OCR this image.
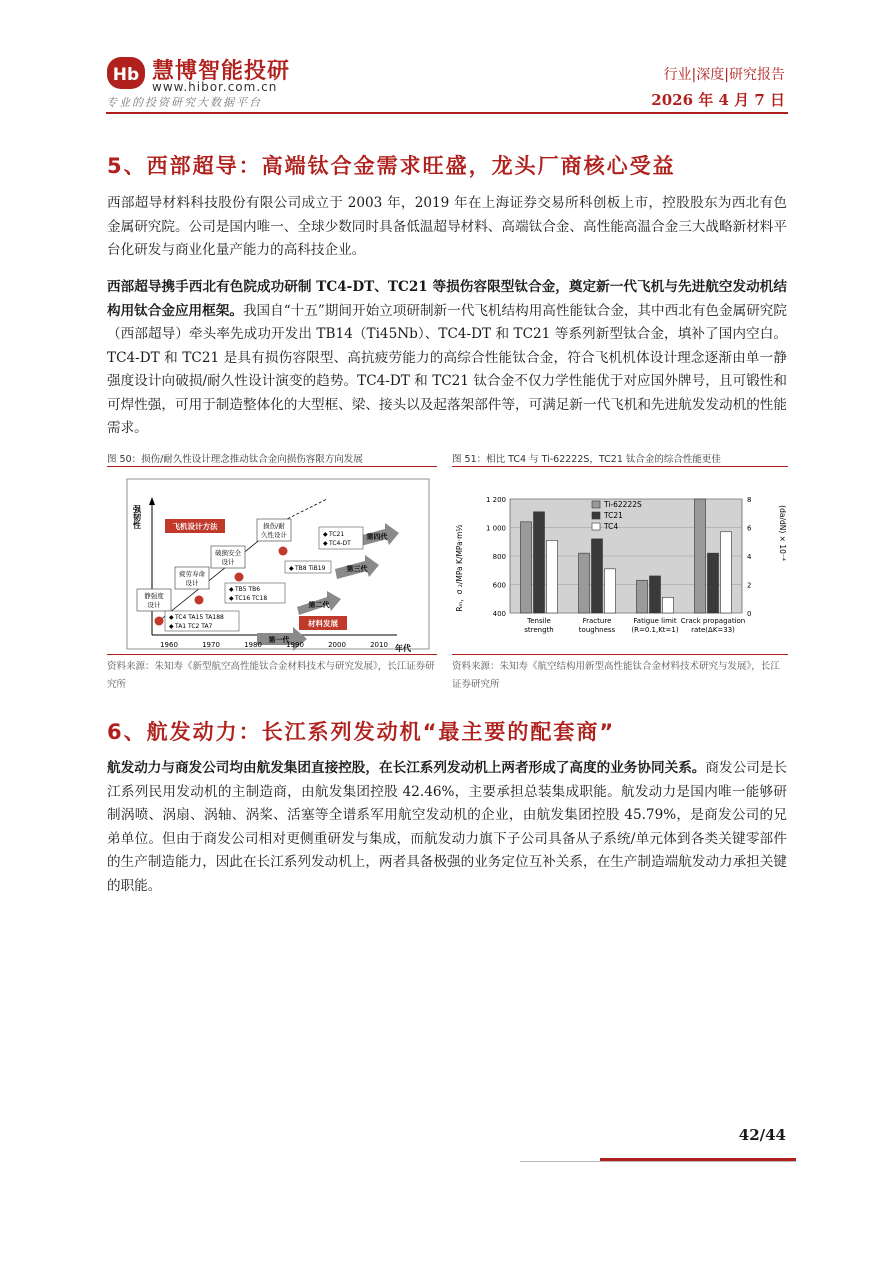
Hb 慧博智能投研
www.hibor.com.cn
专业的投资研究大数据平台
行业|深度|研究报告
2026 年 4 月 7 日
5、西部超导：高端钛合金需求旺盛，龙头厂商核心受益
西部超导材料科技股份有限公司成立于 2003 年，2019 年在上海证券交易所科创板上市，控股股东为西北有色金属研究院。公司是国内唯一、全球少数同时具备低温超导材料、高端钛合金、高性能高温合金三大战略新材料平台化研发与商业化量产能力的高科技企业。
西部超导携手西北有色院成功研制 TC4-DT、TC21 等损伤容限型钛合金，奠定新一代飞机与先进航空发动机结构用钛合金应用框架。我国自“十五”期间开始立项研制新一代飞机结构用高性能钛合金，其中西北有色金属研究院（西部超导）牵头率先成功开发出 TB14（Ti45Nb）、TC4-DT 和 TC21 等系列新型钛合金，填补了国内空白。TC4-DT 和 TC21 是具有损伤容限型、高抗疲劳能力的高综合性能钛合金，符合飞机机体设计理念逐渐由单一静强度设计向破损/耐久性设计演变的趋势。TC4-DT 和 TC21 钛合金不仅力学性能优于对应国外牌号，且可锻性和可焊性强，可用于制造整体化的大型框、梁、接头以及起落架部件等，可满足新一代飞机和先进航发发动机的性能需求。
图 50：损伤/耐久性设计理念推动钛合金向损伤容限方向发展
强韧性
年代
飞机设计方法
材料发展
静强度
设计
疲劳寿命
设计
破损安全
设计
损伤/耐
久性设计
第一代
第二代
第三代
第四代
◆ TC4 TA15 TA188
◆ TA1 TC2 TA7
◆ TB5 TB6
◆ TC16 TC18
◆ TB8 TiB19
◆ TC21
◆ TC4-DT
1960	1970	1980	1990	2000	2010
资料来源：朱知寿《新型航空高性能钛合金材料技术与研究发展》，长江证券研究所
图 51：相比 TC4 与 Ti-62222S，TC21 钛合金的综合性能更佳
Rₘ，σ ₂/MPa K/MPa·m½	(da/dN) × 10⁻⁴
400
600
800
1 000
1 200
0
2
4
6
8
Tensile
strength
Fracture
toughness
Fatigue limit
(R=0.1,Kt=1)
Crack propagation
rate(ΔK=33)
Ti-62222S
TC21
TC4
资料来源：朱知寿《航空结构用新型高性能钛合金材料技术研究与发展》，长江证券研究所
6、航发动力：长江系列发动机“最主要的配套商”
航发动力与商发公司均由航发集团直接控股，在长江系列发动机上两者形成了高度的业务协同关系。商发公司是长江系列民用发动机的主制造商，由航发集团控股 42.46%，主要承担总装集成职能。航发动力是国内唯一能够研制涡喷、涡扇、涡轴、涡桨、活塞等全谱系军用航空发动机的企业，由航发集团控股 45.79%，是商发公司的兄弟单位。但由于商发公司相对更侧重研发与集成，而航发动力旗下子公司具备从子系统/单元体到各类关键零部件的生产制造能力，因此在长江系列发动机上，两者具备极强的业务定位互补关系，在生产制造端航发动力承担关键的职能。
42/44
